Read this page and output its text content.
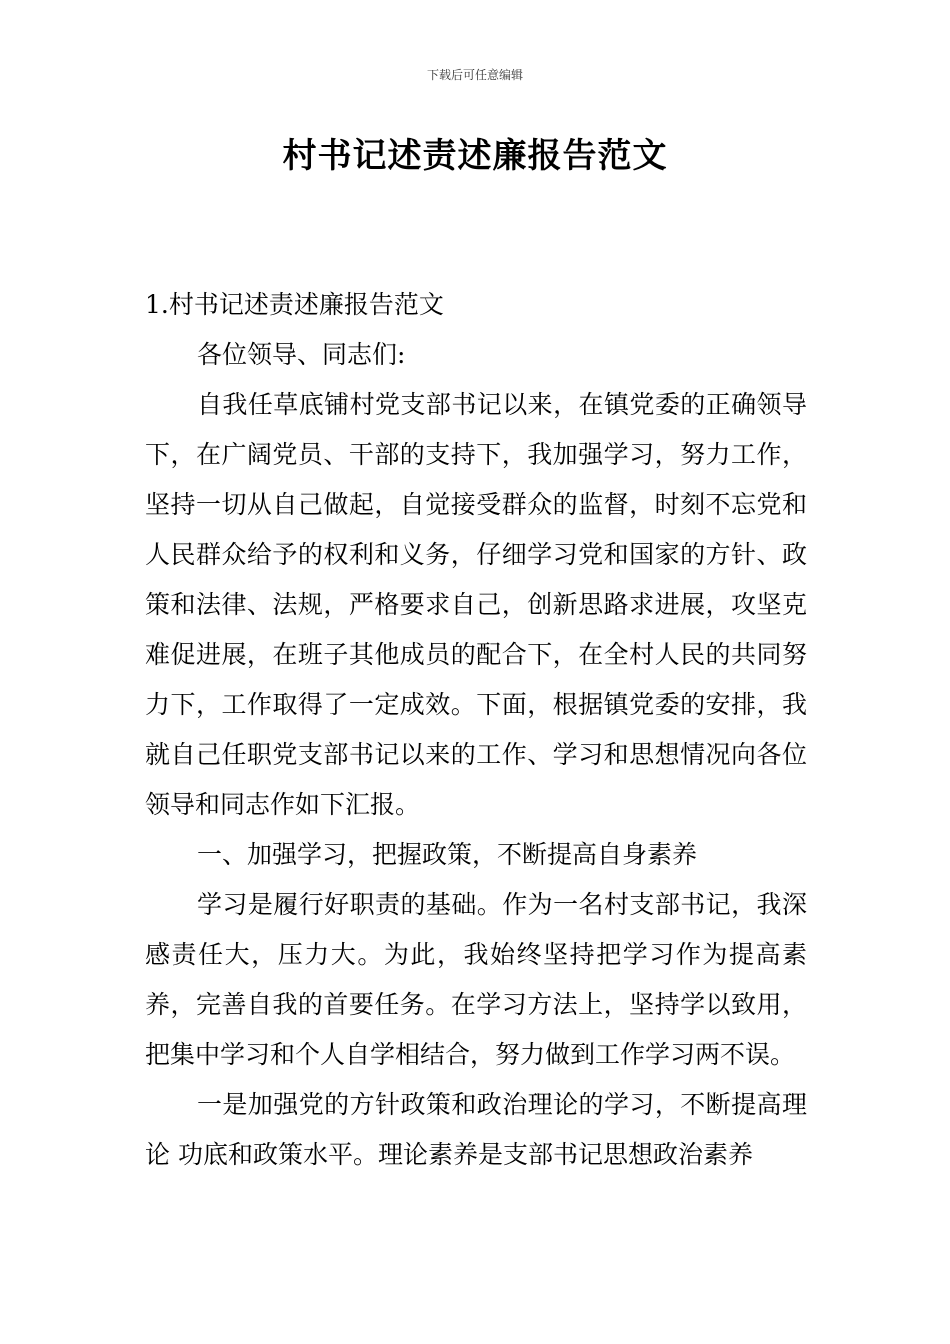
下载后可任意编辑
村书记述责述廉报告范文

1.村书记述责述廉报告范文

各位领导、同志们:

自我任草底铺村党支部书记以来，在镇党委的正确领导下，在广阔党员、干部的支持下，我加强学习，努力工作，坚持一切从自己做起，自觉接受群众的监督，时刻不忘党和人民群众给予的权利和义务，仔细学习党和国家的方针、政策和法律、法规，严格要求自己，创新思路求进展，攻坚克难促进展，在班子其他成员的配合下，在全村人民的共同努力下，工作取得了一定成效。下面，根据镇党委的安排，我就自己任职党支部书记以来的工作、学习和思想情况向各位领导和同志作如下汇报。

一、加强学习，把握政策，不断提高自身素养

学习是履行好职责的基础。作为一名村支部书记，我深感责任大，压力大。为此，我始终坚持把学习作为提高素养，完善自我的首要任务。在学习方法上，坚持学以致用，把集中学习和个人自学相结合，努力做到工作学习两不误。

一是加强党的方针政策和政治理论的学习，不断提高理论 功底和政策水平。理论素养是支部书记思想政治素养
